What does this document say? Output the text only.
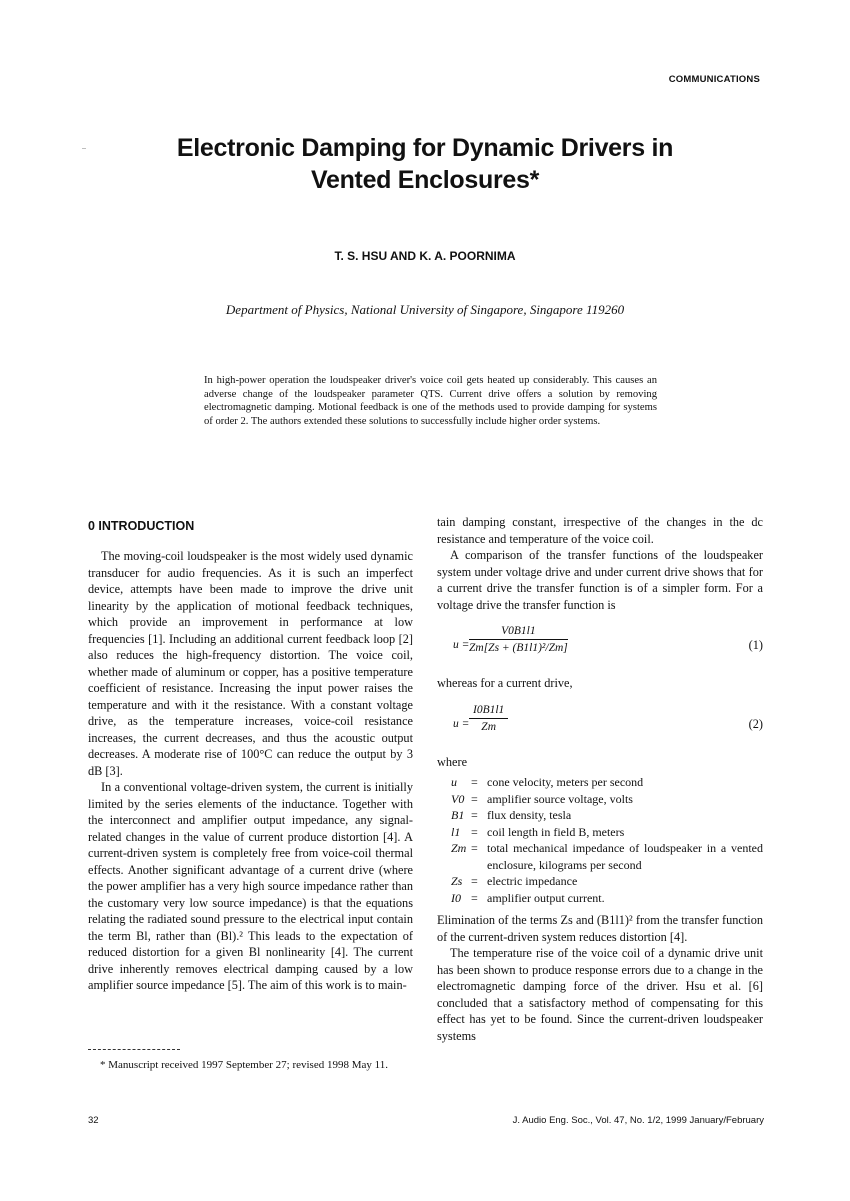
..
COMMUNICATIONS
Electronic Damping for Dynamic Drivers in
Vented Enclosures*
T. S. HSU AND K. A. POORNIMA
Department of Physics, National University of Singapore, Singapore 119260
In high-power operation the loudspeaker driver's voice coil gets heated up considerably. This causes an adverse change of the loudspeaker parameter QTS. Current drive offers a solution by removing electromagnetic damping. Motional feedback is one of the methods used to provide damping for systems of order 2. The authors extended these solutions to successfully include higher order systems.
0 INTRODUCTION

The moving-coil loudspeaker is the most widely used dynamic transducer for audio frequencies. As it is such an imperfect device, attempts have been made to improve the drive unit linearity by the application of motional feedback techniques, which provide an improvement in performance at low frequencies [1]. Including an additional current feedback loop [2] also reduces the high-frequency distortion. The voice coil, whether made of aluminum or copper, has a positive temperature coefficient of resistance. Increasing the input power raises the temperature and with it the resistance. With a constant voltage drive, as the temperature increases, voice-coil resistance increases, the current decreases, and thus the acoustic output decreases. A moderate rise of 100°C can reduce the output by 3 dB [3].

In a conventional voltage-driven system, the current is initially limited by the series elements of the inductance. Together with the interconnect and amplifier output impedance, any signal-related changes in the value of current produce distortion [4]. A current-driven system is completely free from voice-coil thermal effects. Another significant advantage of a current drive (where the power amplifier has a very high source impedance rather than the customary very low source impedance) is that the equations relating the radiated sound pressure to the electrical input contain the term Bl, rather than (Bl).² This leads to the expectation of reduced distortion for a given Bl nonlinearity [4]. The current drive inherently removes electrical damping caused by a low amplifier source impedance [5]. The aim of this work is to main-

tain damping constant, irrespective of the changes in the dc resistance and temperature of the voice coil.

A comparison of the transfer functions of the loudspeaker system under voltage drive and under current drive shows that for a current drive the transfer function is of a simpler form. For a voltage drive the transfer function is

$u = \frac{V0B1l1}{\text{Zm[Zs + (B1l1)²/Zm]}}$	(1)

whereas for a current drive,

$u = \frac{I0B1l1}{Zm}$	(2)

where

u	= cone velocity, meters per second
V0 = amplifier source voltage, volts
B1 = flux density, tesla
l1 = coil length in field B, meters
Zm = total mechanical impedance of loudspeaker in a vented enclosure, kilograms per second
Zs = electric impedance
I0 = amplifier output current.

Elimination of the terms Zs and (B1l1)² from the transfer function of the current-driven system reduces distortion [4].

The temperature rise of the voice coil of a dynamic drive unit has been shown to produce response errors due to a change in the electromagnetic damping force of the driver. Hsu et al. [6] concluded that a satisfactory method of compensating for this effect has yet to be found. Since the current-driven loudspeaker systems

* Manuscript received 1997 September 27; revised 1998 May 11.
32	J. Audio Eng. Soc., Vol. 47, No. 1/2, 1999 January/February
